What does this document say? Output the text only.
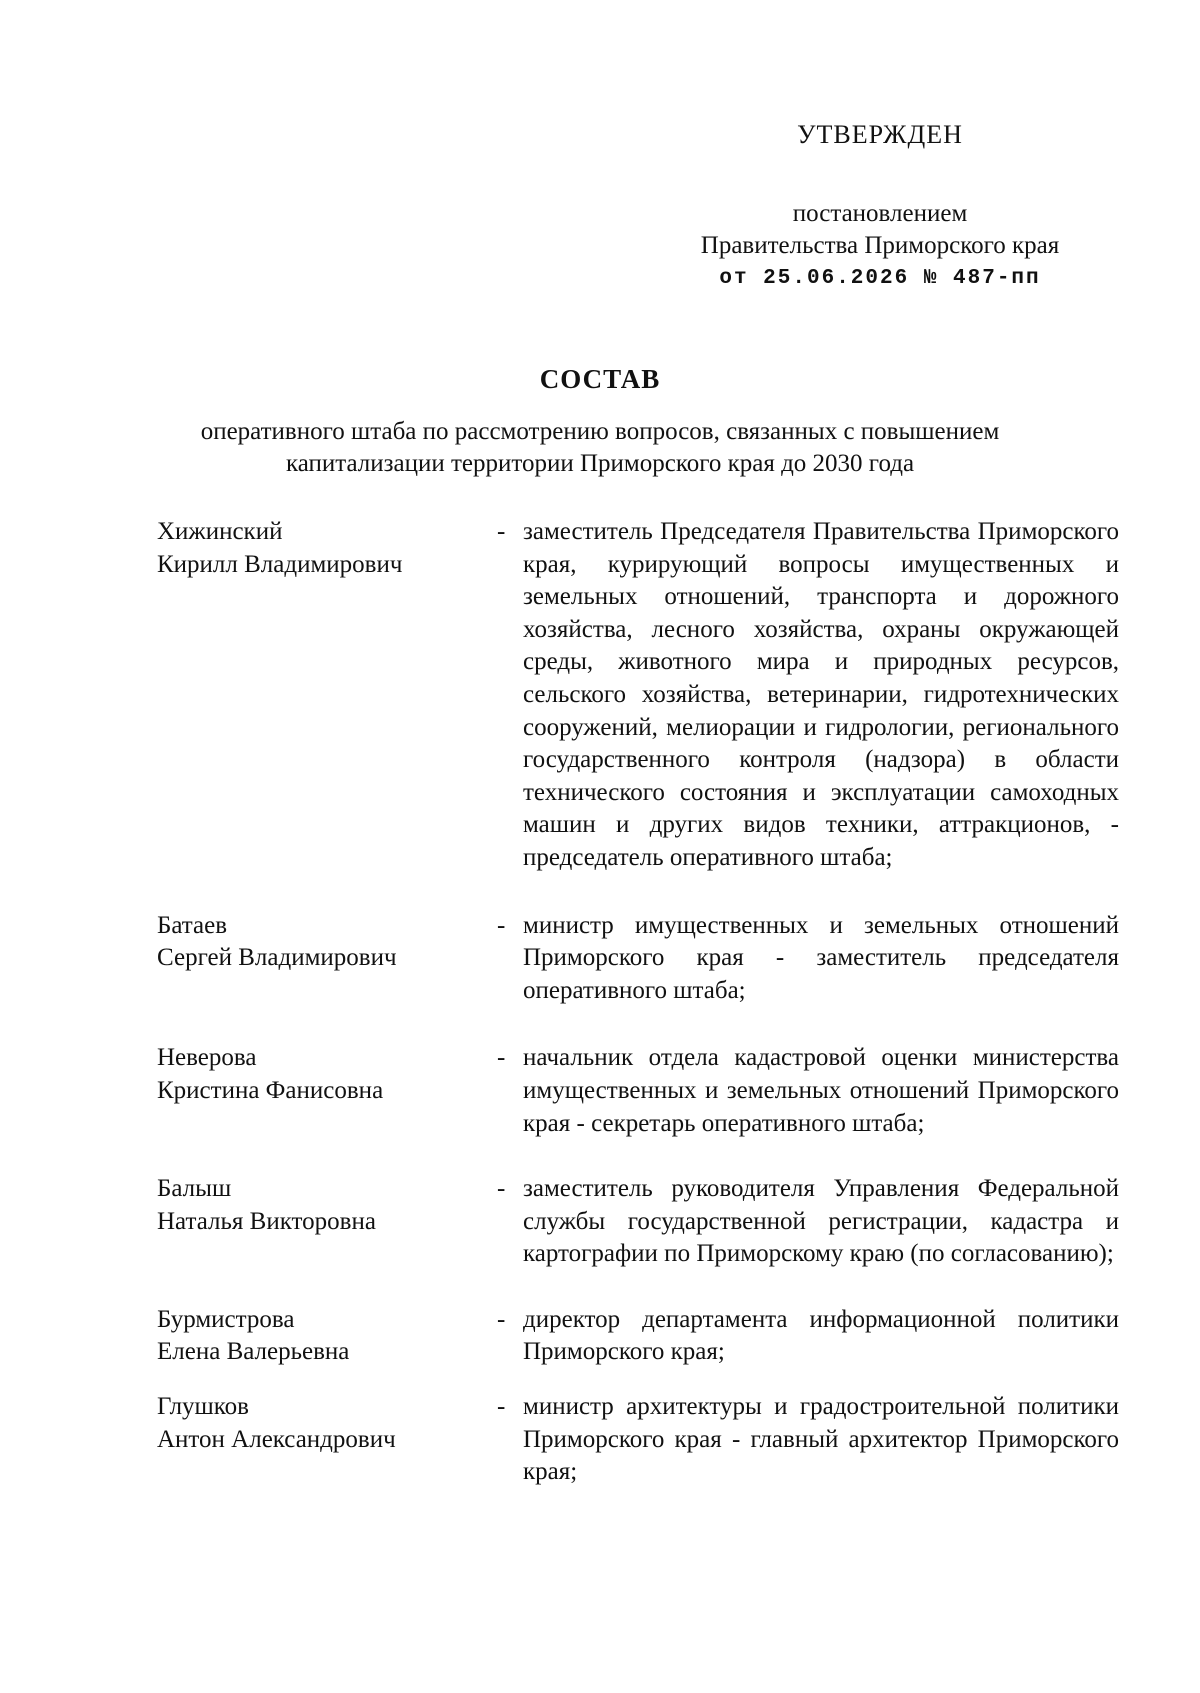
УТВЕРЖДЕН
постановлением
Правительства Приморского края
от 25.06.2026 № 487-пп
СОСТАВ
оперативного штаба по рассмотрению вопросов, связанных с повышением
капитализации территории Приморского края до 2030 года
Хижинский
Кирилл Владимирович
- заместитель Председателя Правительства Приморского края, курирующий вопросы имущественных и земельных отношений, транспорта и дорожного хозяйства, лесного хозяйства, охраны окружающей среды, животного мира и природных ресурсов, сельского хозяйства, ветеринарии, гидротехнических сооружений, мелиорации и гидрологии, регионального государственного контроля (надзора) в области технического состояния и эксплуатации самоходных машин и других видов техники, аттракционов, - председатель оперативного штаба;
Батаев
Сергей Владимирович
- министр имущественных и земельных отношений Приморского края - заместитель председателя оперативного штаба;
Неверова
Кристина Фанисовна
- начальник отдела кадастровой оценки министерства имущественных и земельных отношений Приморского края - секретарь оперативного штаба;
Балыш
Наталья Викторовна
- заместитель руководителя Управления Федеральной службы государственной регистрации, кадастра и картографии по Приморскому краю (по согласованию);
Бурмистрова
Елена Валерьевна
- директор департамента информационной политики Приморского края;
Глушков
Антон Александрович
- министр архитектуры и градостроительной политики Приморского края - главный архитектор Приморского края;
